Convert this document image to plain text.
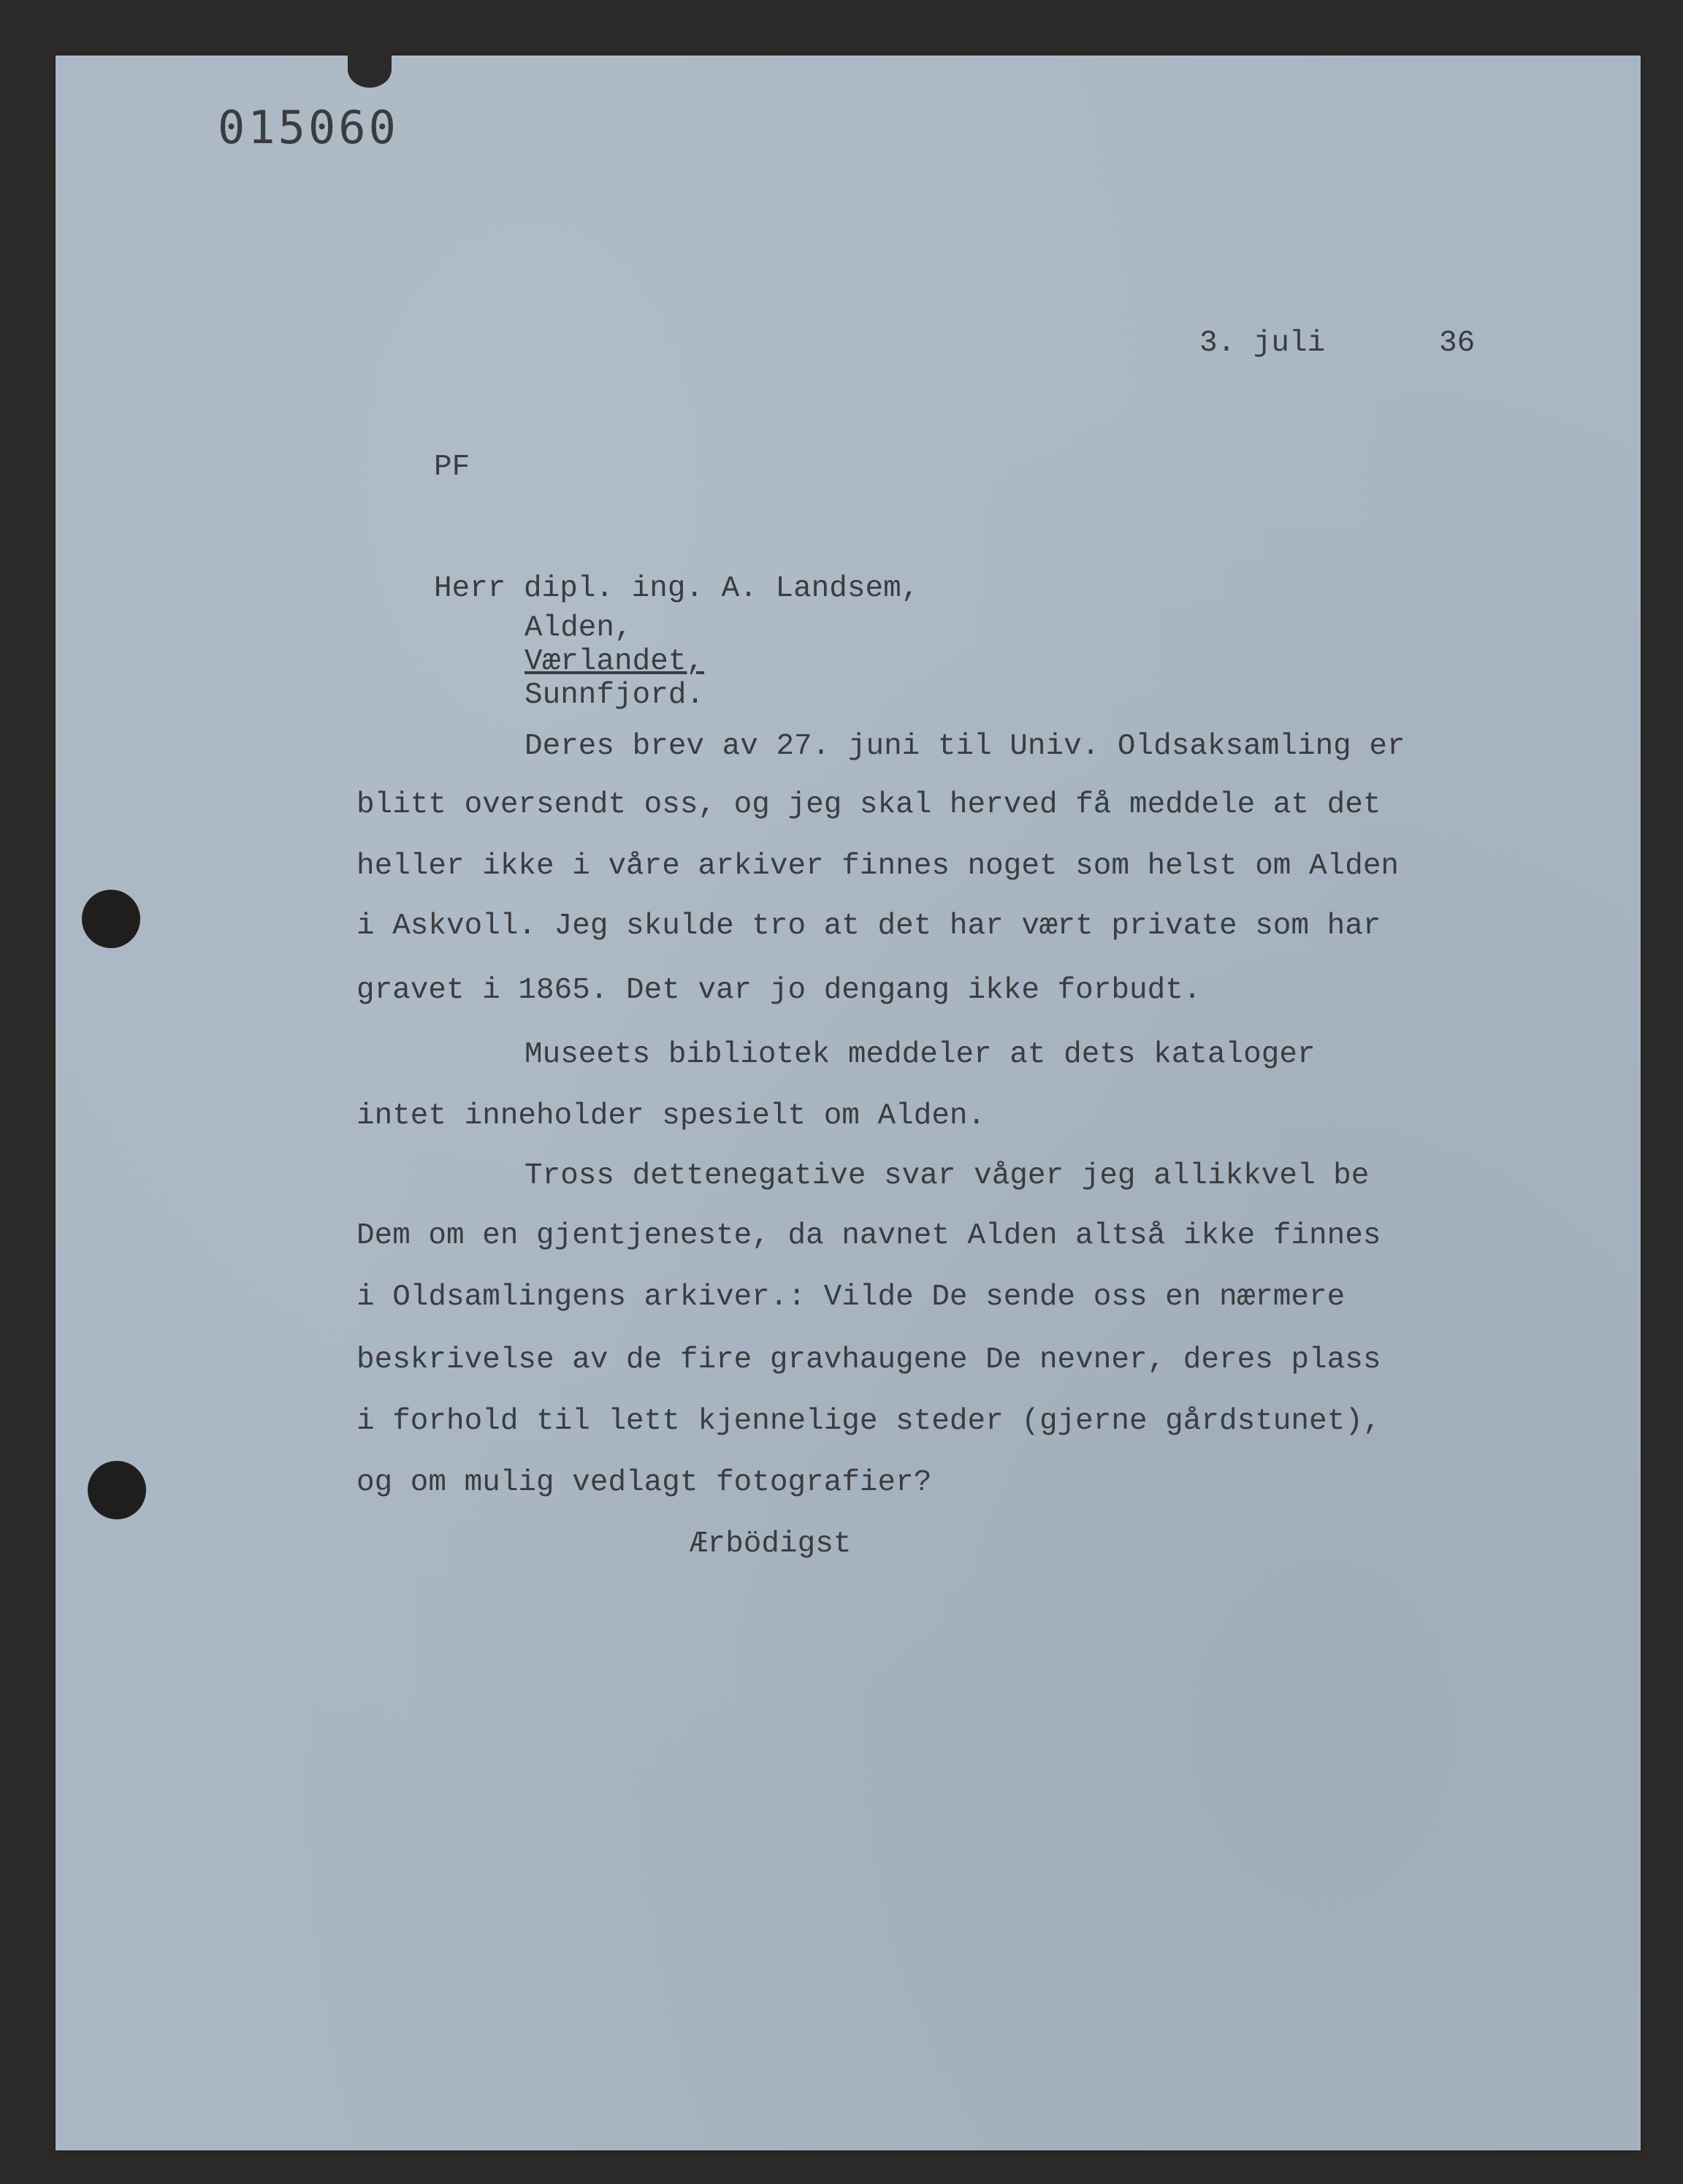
015060
3. juli	36
PF
Herr dipl. ing. A. Landsem,
Alden,
Værlandet,
Sunnfjord.
Deres brev av 27. juni til Univ. Oldsaksamling er
blitt oversendt oss, og jeg skal herved få meddele at det
heller ikke i våre arkiver finnes noget som helst om Alden
i Askvoll. Jeg skulde tro at det har vært private som har
gravet i 1865. Det var jo dengang ikke forbudt.
Museets bibliotek meddeler at dets kataloger
intet inneholder spesielt om Alden.
Tross dettenegative svar våger jeg allikkvel be
Dem om en gjentjeneste, da navnet Alden altså ikke finnes
i Oldsamlingens arkiver.: Vilde De sende oss en nærmere
beskrivelse av de fire gravhaugene De nevner, deres plass
i forhold til lett kjennelige steder (gjerne gårdstunet),
og om mulig vedlagt fotografier?
Ærbödigst
